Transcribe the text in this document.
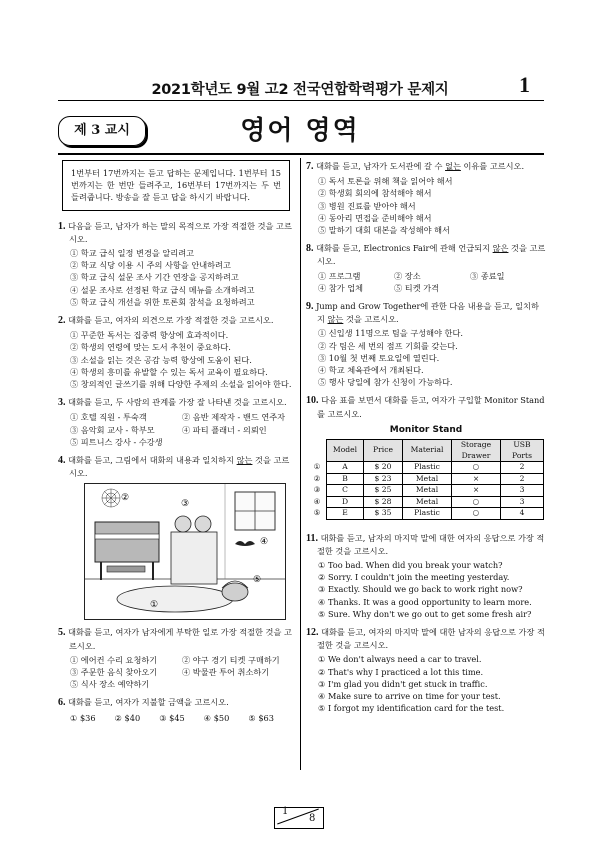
2021학년도 9월 고2 전국연합학력평가 문제지	1
제 3 교시	영어 영역
1번부터 17번까지는 듣고 답하는 문제입니다. 1번부터 15번까지는 한 번만 들려주고, 16번부터 17번까지는 두 번 들려줍니다. 방송을 잘 듣고 답을 하시기 바랍니다.
1. 다음을 듣고, 남자가 하는 말의 목적으로 가장 적절한 것을 고르시오.
① 학교 급식 일정 변경을 알리려고
② 학교 식당 이용 시 주의 사항을 안내하려고
③ 학교 급식 설문 조사 기간 연장을 공지하려고
④ 설문 조사로 선정된 학교 급식 메뉴를 소개하려고
⑤ 학교 급식 개선을 위한 토론회 참석을 요청하려고
2. 대화를 듣고, 여자의 의견으로 가장 적절한 것을 고르시오.
① 꾸준한 독서는 집중력 향상에 효과적이다.
② 학생의 연령에 맞는 도서 추천이 중요하다.
③ 소설을 읽는 것은 공감 능력 향상에 도움이 된다.
④ 학생의 흥미를 유발할 수 있는 독서 교육이 필요하다.
⑤ 창의적인 글쓰기를 위해 다양한 주제의 소설을 읽어야 한다.
3. 대화를 듣고, 두 사람의 관계를 가장 잘 나타낸 것을 고르시오.
① 호텔 직원 - 투숙객	② 음반 제작자 - 밴드 연주자
③ 음악회 교사 - 학부모	④ 파티 플래너 - 의뢰인
⑤ 피트니스 강사 - 수강생
4. 대화를 듣고, 그림에서 대화의 내용과 일치하지 않는 것을 고르시오.
①
②
③
④
⑤
5. 대화를 듣고, 여자가 남자에게 부탁한 일로 가장 적절한 것을 고르시오.
① 에어컨 수리 요청하기	② 야구 경기 티켓 구매하기
③ 주문한 음식 찾아오기	④ 박물관 투어 취소하기
⑤ 식사 장소 예약하기
6. 대화를 듣고, 여자가 지불할 금액을 고르시오.
① $36 ② $40 ③ $45 ④ $50 ⑤ $63
7. 대화를 듣고, 남자가 도서관에 갈 수 없는 이유를 고르시오.
① 독서 토론을 위해 책을 읽어야 해서
② 학생회 회의에 참석해야 해서
③ 병원 진료를 받아야 해서
④ 동아리 면접을 준비해야 해서
⑤ 말하기 대회 대본을 작성해야 해서
8. 대화를 듣고, Electronics Fair에 관해 언급되지 않은 것을 고르시오.
① 프로그램	② 장소	③ 종료일
④ 참가 업체	⑤ 티켓 가격
9. Jump and Grow Together에 관한 다음 내용을 듣고, 일치하지 않는 것을 고르시오.
① 신입생 11명으로 팀을 구성해야 한다.
② 각 팀은 세 번의 점프 기회를 갖는다.
③ 10월 첫 번째 토요일에 열린다.
④ 학교 체육관에서 개최된다.
⑤ 행사 당일에 참가 신청이 가능하다.
10. 다음 표를 보면서 대화를 듣고, 여자가 구입할 Monitor Stand를 고르시오.
Monitor Stand
	Model	Price	Material	Storage Drawer	USB Ports
①	A	$ 20	Plastic	○	2
②	B	$ 23	Metal	×	2
③	C	$ 25	Metal	×	3
④	D	$ 28	Metal	○	3
⑤	E	$ 35	Plastic	○	4
11. 대화를 듣고, 남자의 마지막 말에 대한 여자의 응답으로 가장 적절한 것을 고르시오.
① Too bad. When did you break your watch?
② Sorry. I couldn't join the meeting yesterday.
③ Exactly. Should we go back to work right now?
④ Thanks. It was a good opportunity to learn more.
⑤ Sure. Why don't we go out to get some fresh air?
12. 대화를 듣고, 여자의 마지막 말에 대한 남자의 응답으로 가장 적절한 것을 고르시오.
① We don't always need a car to travel.
② That's why I practiced a lot this time.
③ I'm glad you didn't get stuck in traffic.
④ Make sure to arrive on time for your test.
⑤ I forgot my identification card for the test.
1
8
